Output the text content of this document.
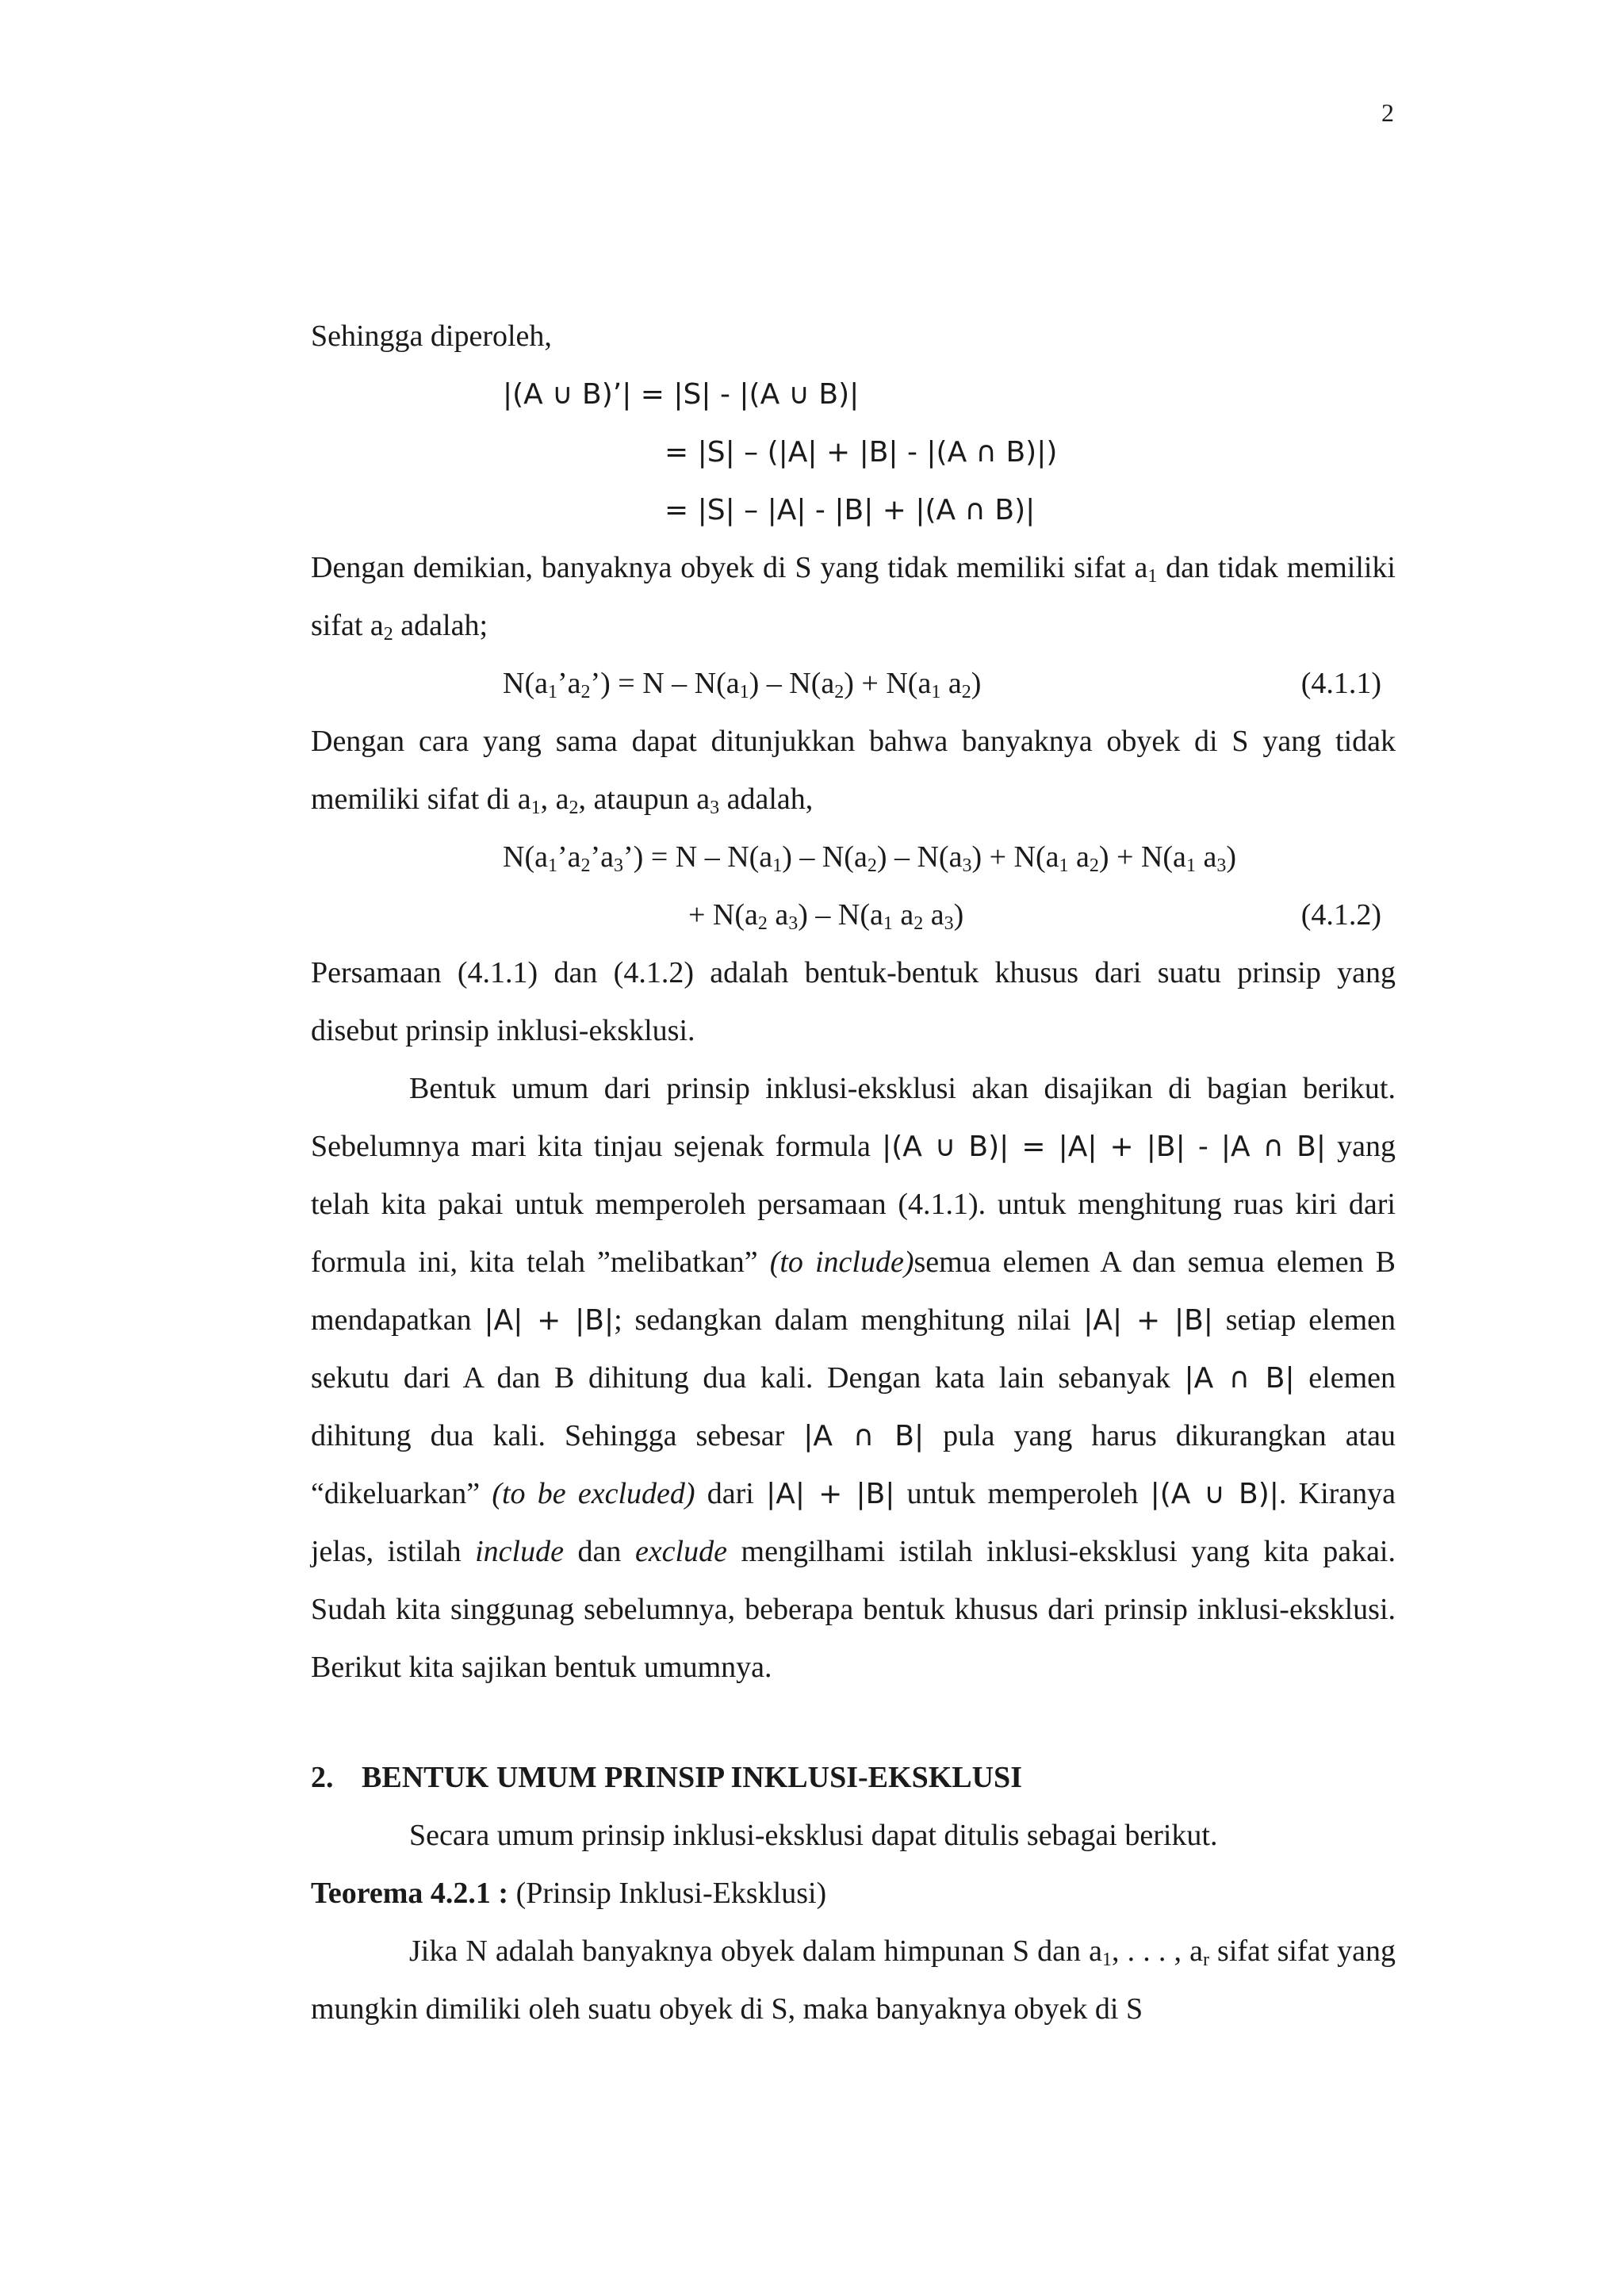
2

Sehingga diperoleh,

|(A ∪ B)’| = |S| - |(A ∪ B)|
= |S| – (|A| + |B| - |(A ∩ B)|)
= |S| – |A| - |B| + |(A ∩ B)|

Dengan demikian, banyaknya obyek di S yang tidak memiliki sifat $a_1$ dan tidak memiliki sifat $a_2$ adalah;

$N(a_1’a_2’) = N - N(a_1) - N(a_2) + N(a_1$ $a_2$)	(4.1.1)

Dengan cara yang sama dapat ditunjukkan bahwa banyaknya obyek di S yang tidak memiliki sifat di $a_1$, $a_2$, ataupun $a_3$ adalah,

$N(a_1’a_2’a_3’) = N - N(a_1) - N(a_2) - N(a_3) + N(a_1$ $a_2) + N(a_1$ $a_3$)
+ $N(a_2$ $a_3) - N(a_1$ $a_2$ $a_3$)	(4.1.2)

Persamaan (4.1.1) dan (4.1.2) adalah bentuk-bentuk khusus dari suatu prinsip yang disebut prinsip inklusi-eksklusi.

Bentuk umum dari prinsip inklusi-eksklusi akan disajikan di bagian berikut. Sebelumnya mari kita tinjau sejenak formula |(A ∪ B)| = |A| + |B| - |A ∩ B| yang telah kita pakai untuk memperoleh persamaan (4.1.1). untuk menghitung ruas kiri dari formula ini, kita telah ”melibatkan” (to include)semua elemen A dan semua elemen B mendapatkan |A| + |B|; sedangkan dalam menghitung nilai |A| + |B| setiap elemen sekutu dari A dan B dihitung dua kali. Dengan kata lain sebanyak |A ∩ B| elemen dihitung dua kali. Sehingga sebesar |A ∩ B| pula yang harus dikurangkan atau “dikeluarkan” (to be excluded) dari |A| + |B| untuk memperoleh |(A ∪ B)|. Kiranya jelas, istilah include dan exclude mengilhami istilah inklusi-eksklusi yang kita pakai. Sudah kita singgunag sebelumnya, beberapa bentuk khusus dari prinsip inklusi-eksklusi. Berikut kita sajikan bentuk umumnya.

2. BENTUK UMUM PRINSIP INKLUSI-EKSKLUSI

Secara umum prinsip inklusi-eksklusi dapat ditulis sebagai berikut.

Teorema 4.2.1 : (Prinsip Inklusi-Eksklusi)

Jika N adalah banyaknya obyek dalam himpunan S dan $a_1$, . . . , $a_r$ sifat sifat yang mungkin dimiliki oleh suatu obyek di S, maka banyaknya obyek di S
